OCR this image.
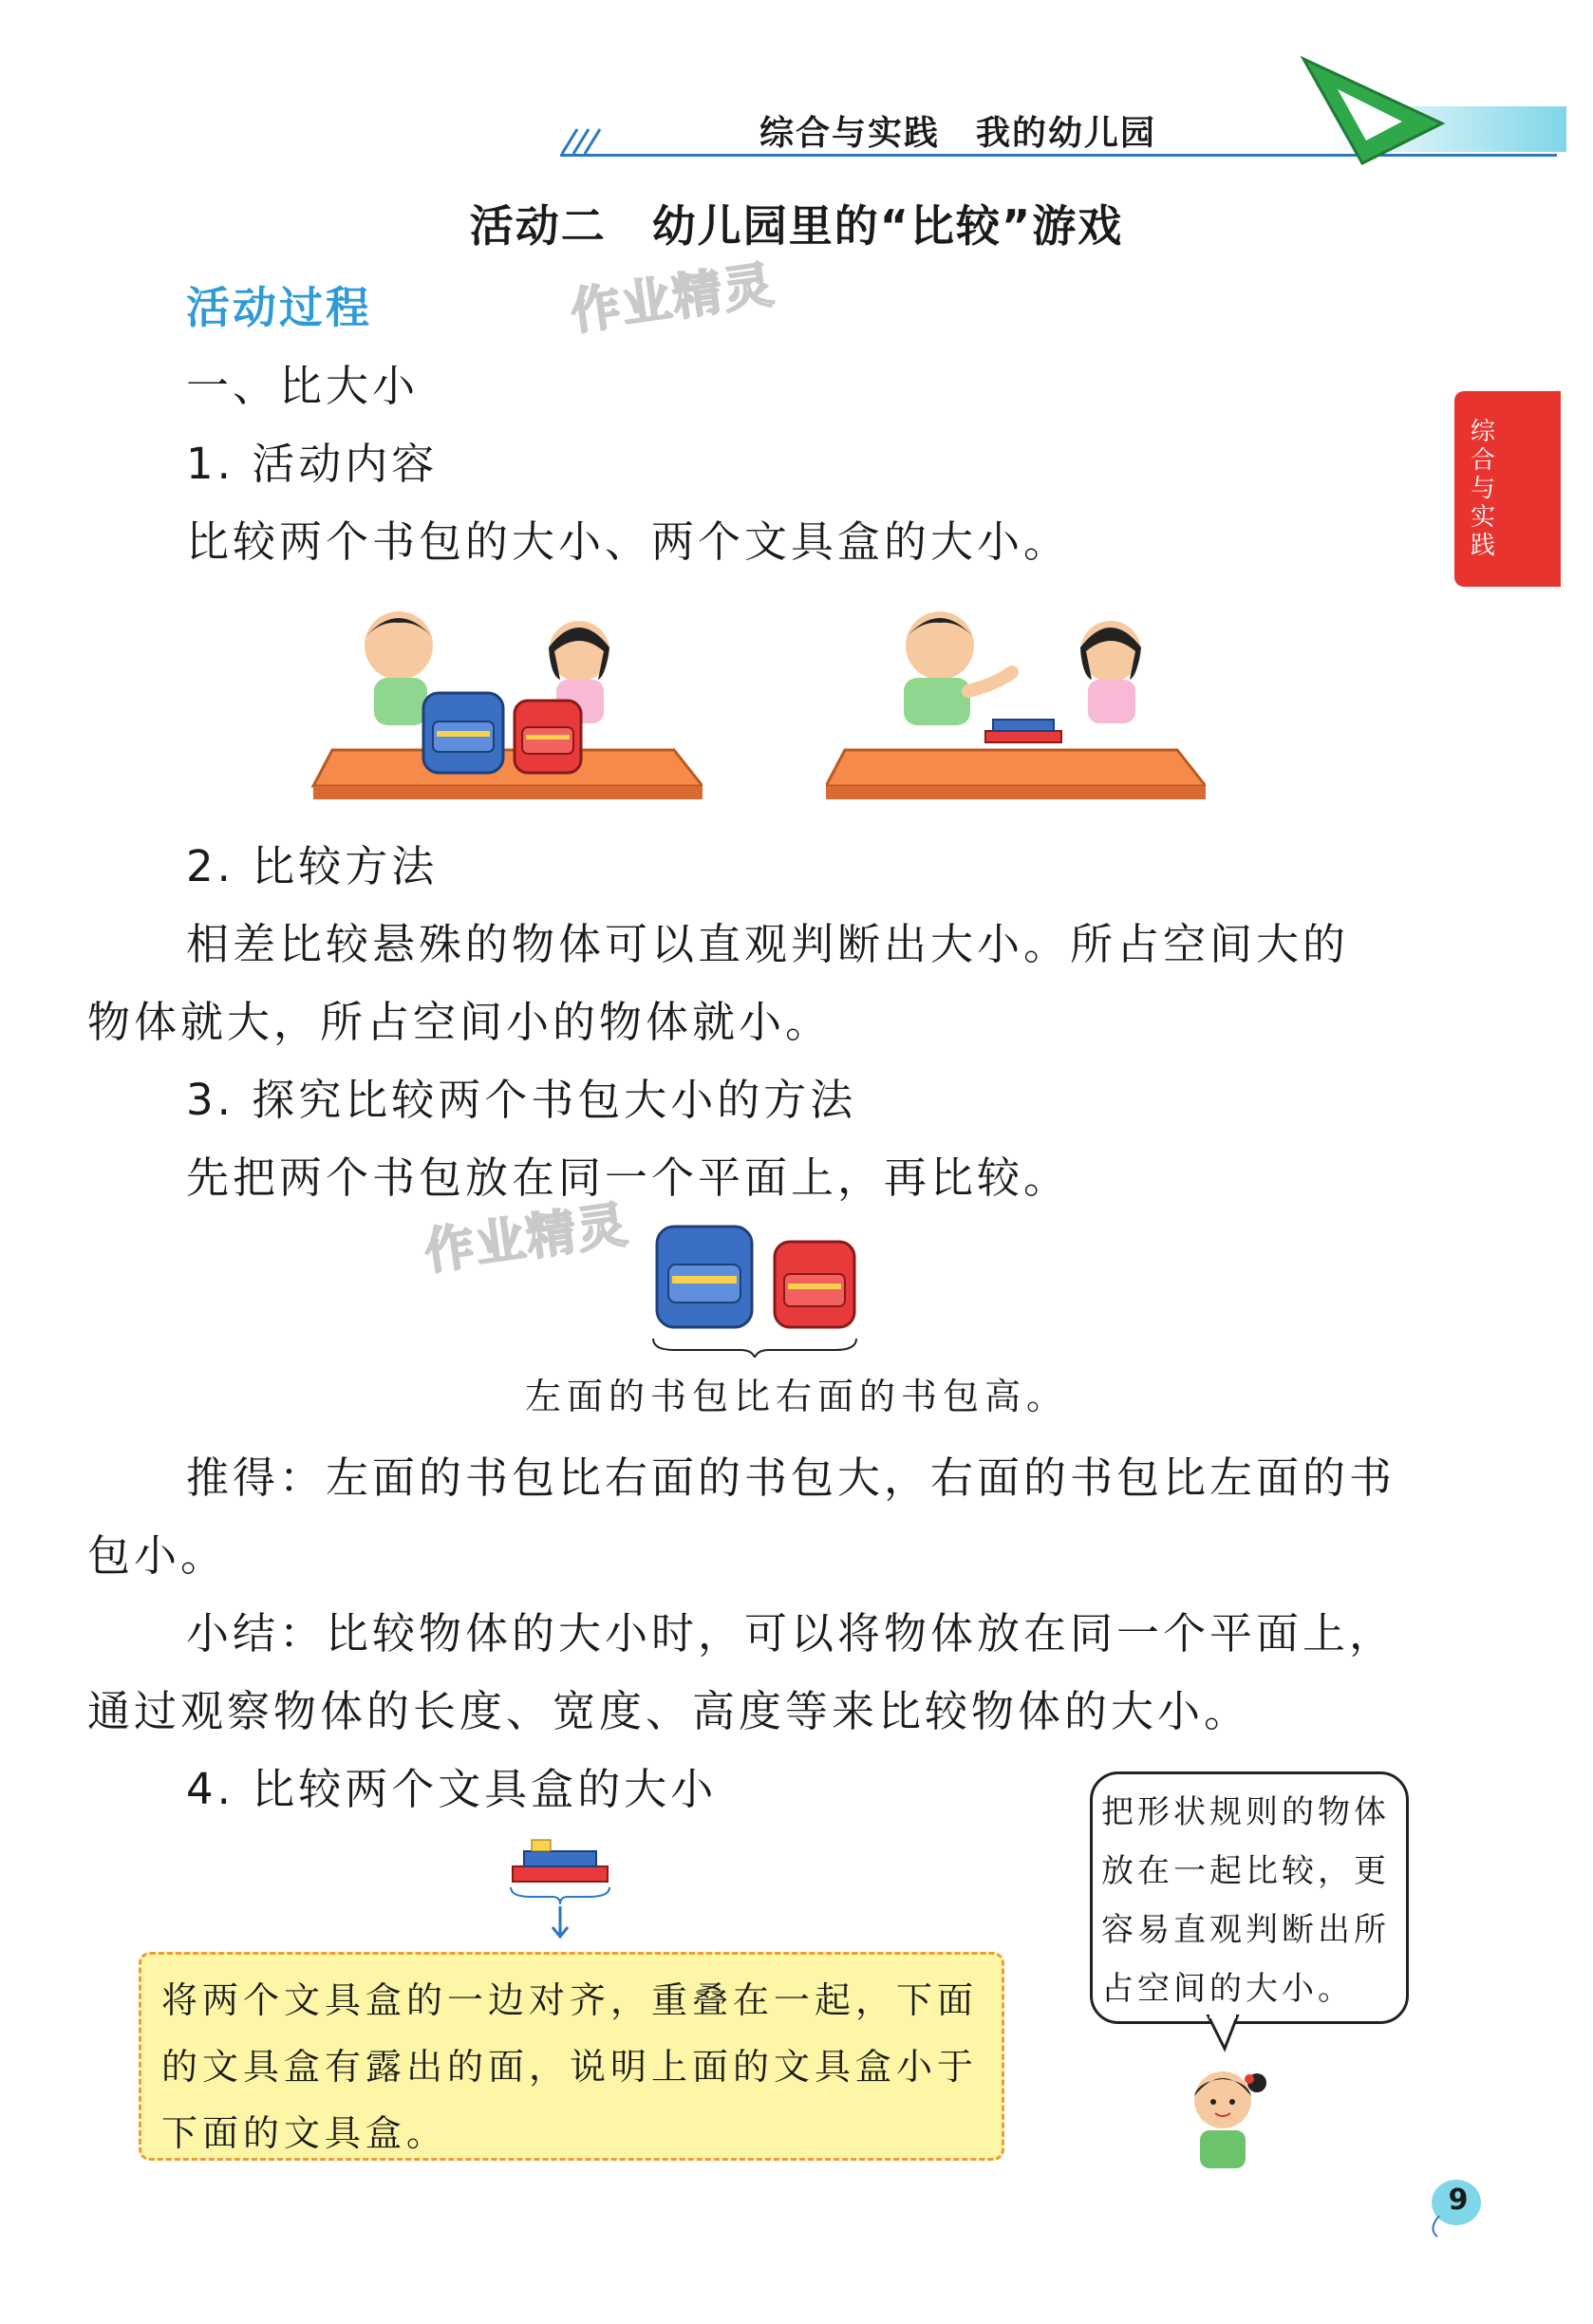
综合与实践　我的幼儿园
综合与实践
活动二　幼儿园里的“比较”游戏
活动过程	作业精灵
一、比大小
1. 活动内容
比较两个书包的大小、两个文具盒的大小。
2. 比较方法
相差比较悬殊的物体可以直观判断出大小。所占空间大的
物体就大，所占空间小的物体就小。
3. 探究比较两个书包大小的方法
先把两个书包放在同一个平面上，再比较。
作业精灵
左面的书包比右面的书包高。
推得：左面的书包比右面的书包大，右面的书包比左面的书
包小。
小结：比较物体的大小时，可以将物体放在同一个平面上，
通过观察物体的长度、宽度、高度等来比较物体的大小。
4. 比较两个文具盒的大小
将两个文具盒的一边对齐，重叠在一起，下面的文具盒有露出的面，说明上面的文具盒小于下面的文具盒。
把形状规则的物体放在一起比较，更容易直观判断出所占空间的大小。
9
